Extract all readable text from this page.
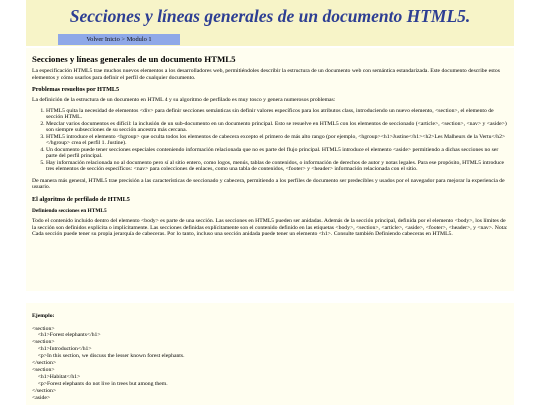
Secciones y líneas generales de un documento HTML5.
Volver Inicio > Modulo 1
Secciones y líneas generales de un documento HTML5
La especificación HTML5 trae muchos nuevos elementos a los desarrolladores web, permitiéndoles describir la estructura de un documento web con semántica estandarizada. Este documento describe estos elementos y cómo usarlos para definir el perfil de cualquier documento.
Problemas resueltos por HTML5
La definición de la estructura de un documento en HTML 4 y su algoritmo de perfilado es muy tosco y genera numerosos problemas:
1. HTML5 quita la necesidad de elementos <div> para definir secciones semánticas sin definir valores específicos para los atributos class, introduciendo un nuevo elemento, <section>, el elemento de sección HTML.
2. Mezclar varios documentos es difícil: la inclusión de un sub-documento en un documento principal. Esto se resuelve en HTML5 con los elementos de seccionado (<article>, <section>, <nav> y <aside>) son siempre subsecciones de su sección ancestra más cercana.
3. HTML5 introduce el elemento <hgroup> que oculta todos los elementos de cabecera excepto el primero de más alto rango (por ejemplo, <hgroup><h1>Justine</h1><h2>Les Malheurs de la Vertu</h2></hgroup> crea el perfil 1. Justine).
4. Un documento puede tener secciones especiales conteniendo información relacionada que no es parte del flujo principal. HTML5 introduce el elemento <aside> permitiendo a dichas secciones no ser parte del perfil principal.
5. Hay información relacionada no al documento pero sí al sitio entero, como logos, menús, tablas de contenidos, o información de derechos de autor y notas legales. Para ese propósito, HTML5 introduce tres elementos de sección específicos: <nav> para colecciones de enlaces, como una tabla de contenidos, <footer> y <header> información relacionada con el sitio.
De manera más general, HTML5 trae precisión a las características de seccionado y cabecera, permitiendo a los perfiles de documento ser predecibles y usados por el navegador para mejorar la experiencia de usuario.
El algoritmo de perfilado de HTML5
Definiendo secciones en HTML5
Todo el contenido incluido dentro del elemento <body> es parte de una sección. Las secciones en HTML5 pueden ser anidadas. Además de la sección principal, definida por el elemento <body>, los límites de la sección son definidos explícita o implícitamente. Las secciones definidas explícitamente son el contenido definido en las etiquetas <body>, <section>, <article>, <aside>, <footer>, <header>, y <nav>. Nota: Cada sección puede tener su propia jerarquía de cabeceras. Por lo tanto, incluso una sección anidada puede tener un elemento <h1>. Consulte también Definiendo cabeceras en HTML5.
Ejemplo:
<section>
<h1>Forest elephants</h1>
<section>
<h1>Introduction</h1>
<p>In this section, we discuss the lesser known forest elephants.
</section>
<section>
<h1>Habitat</h1>
<p>Forest elephants do not live in trees but among them.
</section>
<aside>
